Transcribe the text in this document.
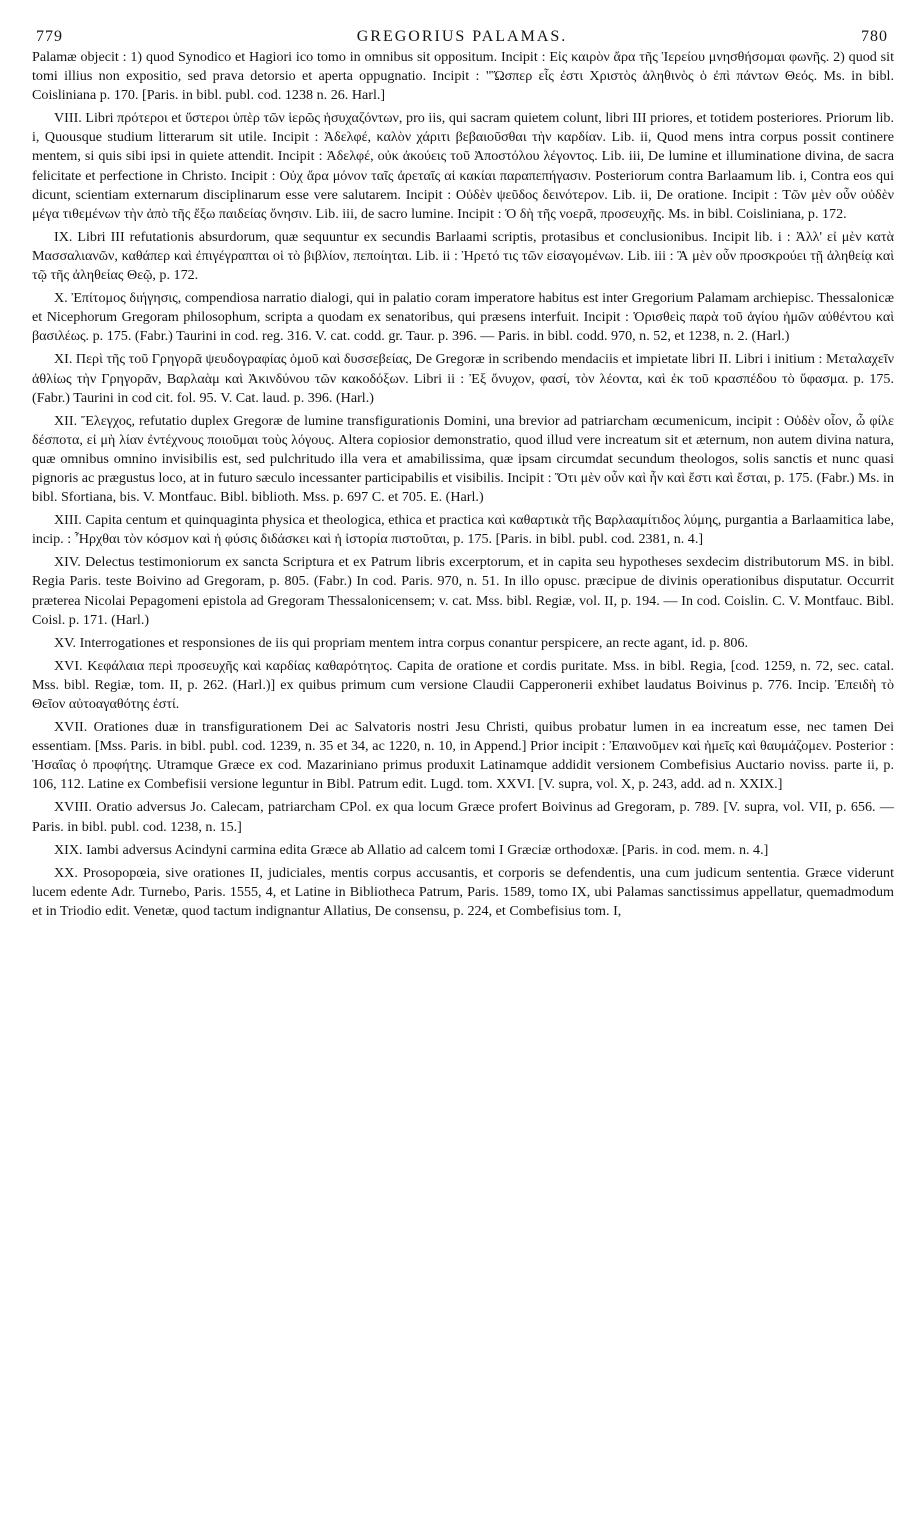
779	GREGORIUS PALAMAS.	780

Palamæ objecit : 1) quod Synodico et Hagiori ico tomo in omnibus sit oppositum. Incipit : Εἰς καιρὸν ἄρα τῆς Ἱερείου μνησθήσομαι φωνῆς. 2) quod sit tomi illius non expositio, sed prava detorsio et aperta oppugnatio. Incipit : "Ὥσπερ εἷς ἐστι Χριστὸς ἀληθινὸς ὁ ἐπὶ πάντων Θεός. Ms. in bibl. Coisliniana p. 170. [Paris. in bibl. publ. cod. 1238 n. 26. Harl.]

VIII. Libri πρότεροι et ὕστεροι ὑπὲρ τῶν ἱερῶς ἡσυχαζόντων, pro iis, qui sacram quietem colunt, libri III priores, et totidem posteriores. Priorum lib. i, Quousque studium litterarum sit utile. Incipit : Ἀδελφέ, καλὸν χάριτι βεβαιοῦσθαι τὴν καρδίαν. Lib. ii, Quod mens intra corpus possit continere mentem, si quis sibi ipsi in quiete attendit. Incipit : Ἀδελφέ, οὐκ ἀκούεις τοῦ Ἀποστόλου λέγοντος. Lib. iii, De lumine et illuminatione divina, de sacra felicitate et perfectione in Christo. Incipit : Οὐχ ἄρα μόνον ταῖς ἀρεταῖς αἱ κακίαι παραπεπήγασιν. Posteriorum contra Barlaamum lib. i, Contra eos qui dicunt, scientiam externarum disciplinarum esse vere salutarem. Incipit : Οὐδὲν ψεῦδος δεινότερον. Lib. ii, De oratione. Incipit : Τῶν μὲν οὖν οὐδὲν μέγα τιθεμένων τὴν ἀπὸ τῆς ἔξω παιδείας ὄνησιν. Lib. iii, de sacro lumine. Incipit : Ὁ δὴ τῆς νοερᾶ, προσευχῆς. Ms. in bibl. Coisliniana, p. 172.

IX. Libri III refutationis absurdorum, quæ sequuntur ex secundis Barlaami scriptis, protasibus et conclusionibus. Incipit lib. i : Ἀλλ' εἰ μὲν κατὰ Μασσαλιανῶν, καθάπερ καὶ ἐπιγέγραπται οἱ τὸ βιβλίον, πεποίηται. Lib. ii : Ἠρετό τις τῶν εἰσαγομένων. Lib. iii : Ἃ μὲν οὖν προσκρούει τῇ ἀληθείᾳ καὶ τῷ τῆς ἀληθείας Θεῷ, p. 172.

X. Ἐπίτομος διήγησις, compendiosa narratio dialogi, qui in palatio coram imperatore habitus est inter Gregorium Palamam archiepisc. Thessalonicæ et Nicephorum Gregoram philosophum, scripta a quodam ex senatoribus, qui præsens interfuit. Incipit : Ὁρισθεὶς παρὰ τοῦ ἁγίου ἡμῶν αὐθέντου καὶ βασιλέως. p. 175. (Fabr.) Taurini in cod. reg. 316. V. cat. codd. gr. Taur. p. 396. — Paris. in bibl. codd. 970, n. 52, et 1238, n. 2. (Harl.)

XI. Περὶ τῆς τοῦ Γρηγορᾶ ψευδογραφίας ὁμοῦ καὶ δυσσεβείας, De Gregoræ in scribendo mendaciis et impietate libri II. Libri i initium : Μεταλαχεῖν ἀθλίως τὴν Γρηγορᾶν, Βαρλαὰμ καὶ Ἀκινδύνου τῶν κακοδόξων. Libri ii : Ἐξ ὄνυχον, φασί, τὸν λέοντα, καὶ ἐκ τοῦ κρασπέδου τὸ ὕφασμα. p. 175. (Fabr.) Taurini in cod cit. fol. 95. V. Cat. laud. p. 396. (Harl.)

XII. Ἔλεγχος, refutatio duplex Gregoræ de lumine transfigurationis Domini, una brevior ad patriarcham œcumenicum, incipit : Οὐδὲν οἷον, ὦ φίλε δέσποτα, εἰ μὴ λίαν ἐντέχνους ποιοῦμαι τοὺς λόγους. Altera copiosior demonstratio, quod illud vere increatum sit et æternum, non autem divina natura, quæ omnibus omnino invisibilis est, sed pulchritudo illa vera et amabilissima, quæ ipsam circumdat secundum theologos, solis sanctis et nunc quasi pignoris ac prægustus loco, at in futuro sæculo incessanter participabilis et visibilis. Incipit : Ὅτι μὲν οὖν καὶ ἦν καὶ ἔστι καὶ ἔσται, p. 175. (Fabr.) Ms. in bibl. Sfortiana, bis. V. Montfauc. Bibl. biblioth. Mss. p. 697 C. et 705. E. (Harl.)

XIII. Capita centum et quinquaginta physica et theologica, ethica et practica καὶ καθαρτικὰ τῆς Βαρλααμίτιδος λύμης, purgantia a Barlaamitica labe, incip. : Ἦρχθαι τὸν κόσμον καὶ ἡ φύσις διδάσκει καὶ ἡ ἱστορία πιστοῦται, p. 175. [Paris. in bibl. publ. cod. 2381, n. 4.]

XIV. Delectus testimoniorum ex sancta Scriptura et ex Patrum libris excerptorum, et in capita seu hypotheses sexdecim distributorum MS. in bibl. Regia Paris. teste Boivino ad Gregoram, p. 805. (Fabr.) In cod. Paris. 970, n. 51. In illo opusc. præcipue de divinis operationibus disputatur. Occurrit præterea Nicolai Pepagomeni epistola ad Gregoram Thessalonicensem; v. cat. Mss. bibl. Regiæ, vol. II, p. 194. — In cod. Coislin. C. V. Montfauc. Bibl. Coisl. p. 171. (Harl.)

XV. Interrogationes et responsiones de iis qui propriam mentem intra corpus conantur perspicere, an recte agant, id. p. 806.

XVI. Κεφάλαια περὶ προσευχῆς καὶ καρδίας καθαρότητος. Capita de oratione et cordis puritate. Mss. in bibl. Regia, [cod. 1259, n. 72, sec. catal. Mss. bibl. Regiæ, tom. II, p. 262. (Harl.)] ex quibus primum cum versione Claudii Capperonerii exhibet laudatus Boivinus p. 776. Incip. Ἐπειδὴ τὸ Θεῖον αὐτοαγαθότης ἐστί.

XVII. Orationes duæ in transfigurationem Dei ac Salvatoris nostri Jesu Christi, quibus probatur lumen in ea increatum esse, nec tamen Dei essentiam. [Mss. Paris. in bibl. publ. cod. 1239, n. 35 et 34, ac 1220, n. 10, in Append.] Prior incipit : Ἐπαινοῦμεν καὶ ἡμεῖς καὶ θαυμάζομεν. Posterior : Ἡσαΐας ὁ προφήτης. Utramque Græce ex cod. Mazariniano primus produxit Latinamque addidit versionem Combefisius Auctario noviss. parte ii, p. 106, 112. Latine ex Combefisii versione leguntur in Bibl. Patrum edit. Lugd. tom. XXVI. [V. supra, vol. X, p. 243, add. ad n. XXIX.]

XVIII. Oratio adversus Jo. Calecam, patriarcham CPol. ex qua locum Græce profert Boivinus ad Gregoram, p. 789. [V. supra, vol. VII, p. 656. — Paris. in bibl. publ. cod. 1238, n. 15.]

XIX. Iambi adversus Acindyni carmina edita Græce ab Allatio ad calcem tomi I Græciæ orthodoxæ. [Paris. in cod. mem. n. 4.]

XX. Prosopopœia, sive orationes II, judiciales, mentis corpus accusantis, et corporis se defendentis, una cum judicum sententia. Græce viderunt lucem edente Adr. Turnebo, Paris. 1555, 4, et Latine in Bibliotheca Patrum, Paris. 1589, tomo IX, ubi Palamas sanctissimus appellatur, quemadmodum et in Triodio edit. Venetæ, quod tactum indignantur Allatius, De consensu, p. 224, et Combefisius tom. I,
